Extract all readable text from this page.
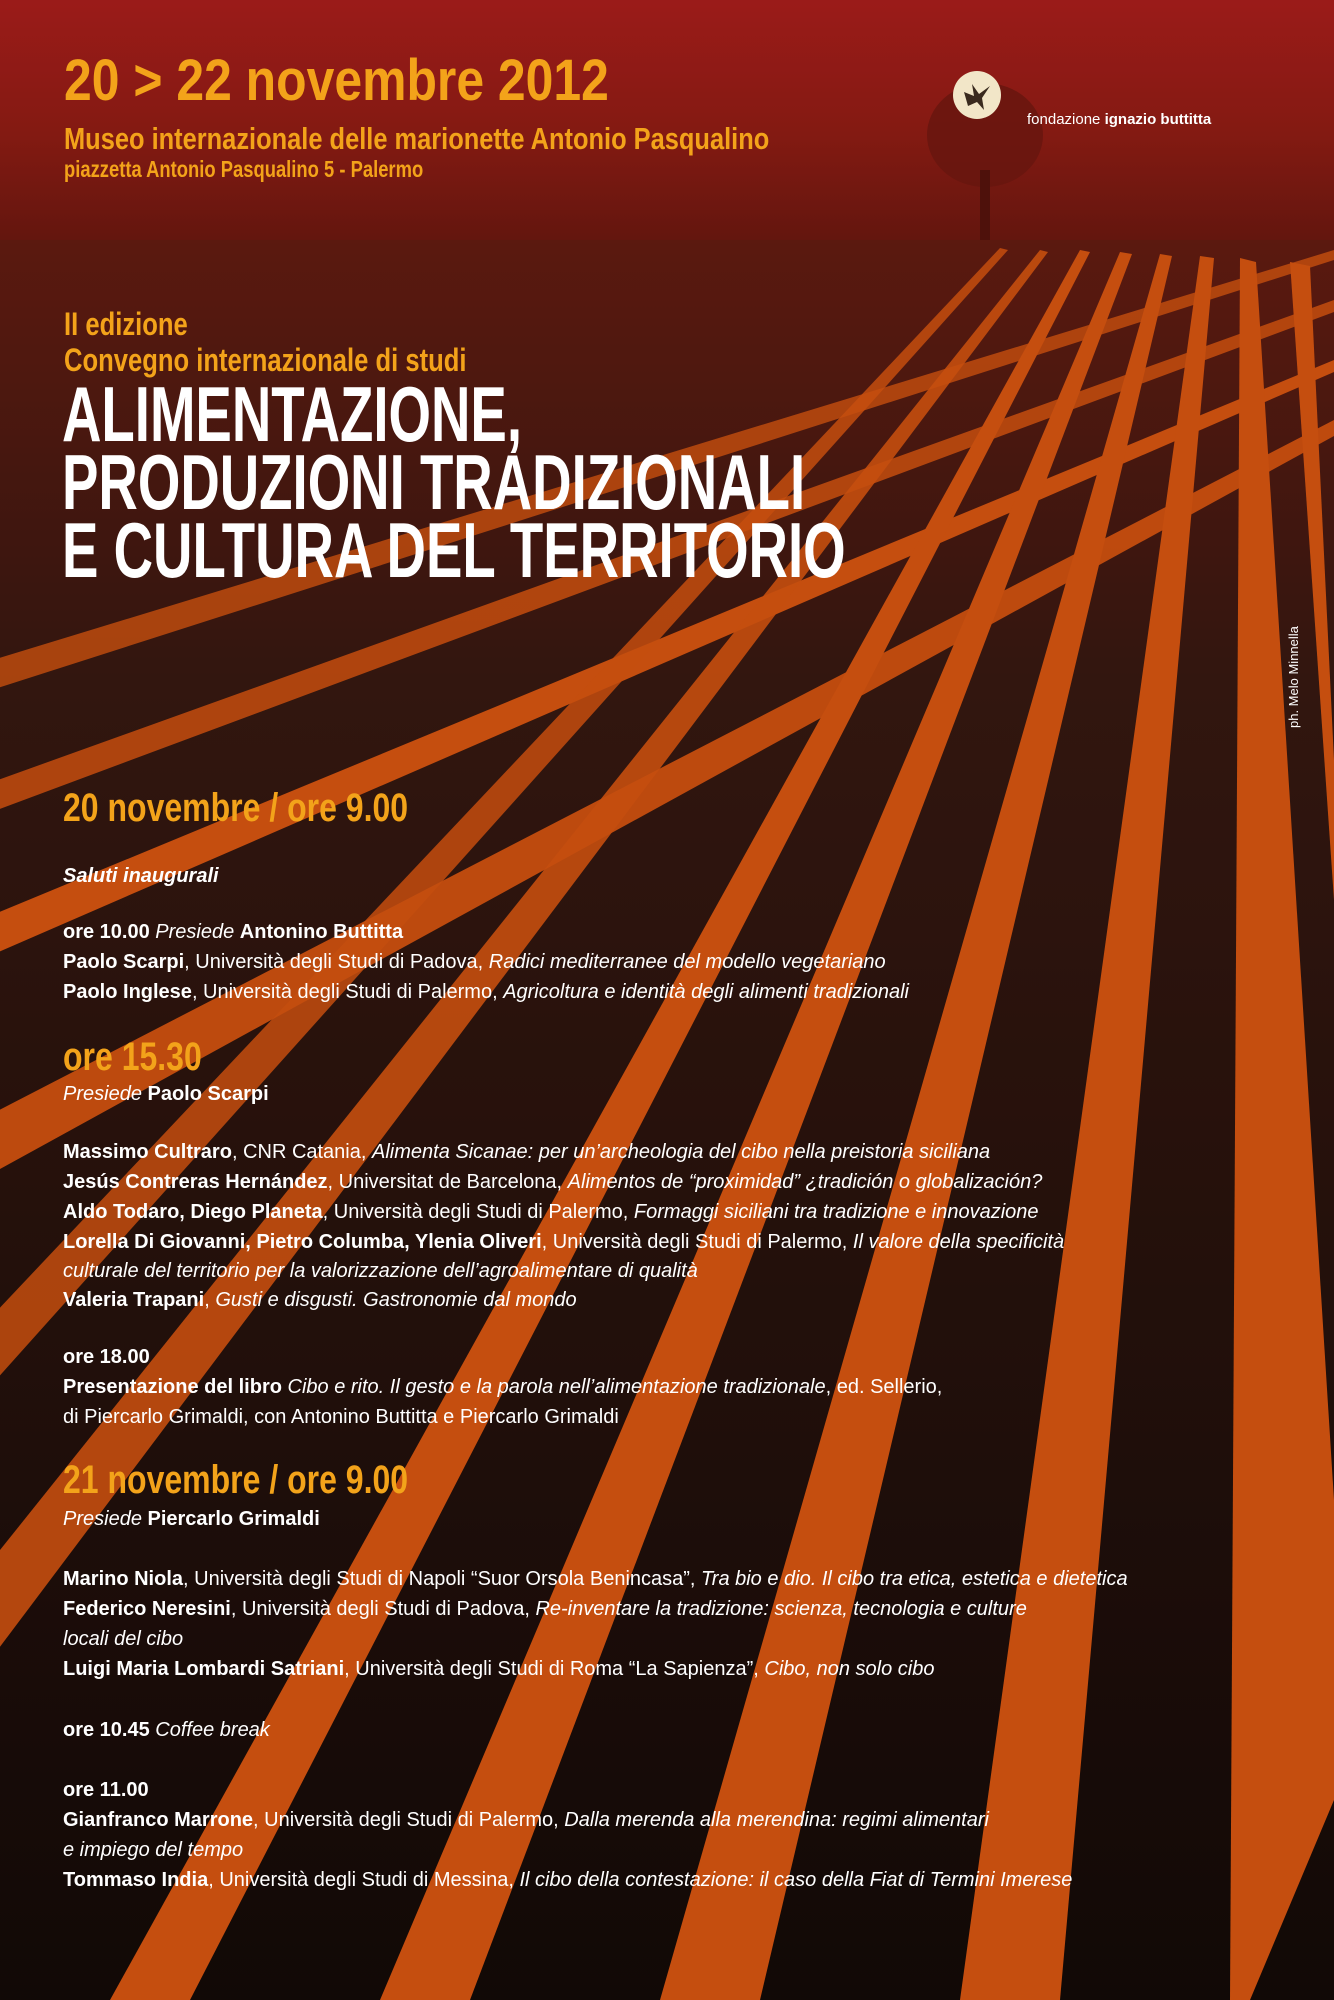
20 > 22 novembre 2012
Museo internazionale delle marionette Antonio Pasqualino
piazzetta Antonio Pasqualino 5 - Palermo
fondazione ignazio buttitta
II edizione
Convegno internazionale di studi
ALIMENTAZIONE,
PRODUZIONI TRADIZIONALI
E CULTURA DEL TERRITORIO
ph. Melo Minnella
20 novembre / ore 9.00
Saluti inaugurali
ore 10.00 Presiede Antonino Buttitta
Paolo Scarpi, Università degli Studi di Padova, Radici mediterranee del modello vegetariano
Paolo Inglese, Università degli Studi di Palermo, Agricoltura e identità degli alimenti tradizionali
ore 15.30
Presiede Paolo Scarpi
Massimo Cultraro, CNR Catania, Alimenta Sicanae: per un’archeologia del cibo nella preistoria siciliana
Jesús Contreras Hernández, Universitat de Barcelona, Alimentos de “proximidad” ¿tradición o globalización?
Aldo Todaro, Diego Planeta, Università degli Studi di Palermo, Formaggi siciliani tra tradizione e innovazione
Lorella Di Giovanni, Pietro Columba, Ylenia Oliveri, Università degli Studi di Palermo, Il valore della specificità
culturale del territorio per la valorizzazione dell’agroalimentare di qualità
Valeria Trapani, Gusti e disgusti. Gastronomie dal mondo
ore 18.00
Presentazione del libro Cibo e rito. Il gesto e la parola nell’alimentazione tradizionale, ed. Sellerio,
di Piercarlo Grimaldi, con Antonino Buttitta e Piercarlo Grimaldi
21 novembre / ore 9.00
Presiede Piercarlo Grimaldi
Marino Niola, Università degli Studi di Napoli “Suor Orsola Benincasa”, Tra bio e dio. Il cibo tra etica, estetica e dietetica
Federico Neresini, Università degli Studi di Padova, Re-inventare la tradizione: scienza, tecnologia e culture
locali del cibo
Luigi Maria Lombardi Satriani, Università degli Studi di Roma “La Sapienza”, Cibo, non solo cibo
ore 10.45 Coffee break
ore 11.00
Gianfranco Marrone, Università degli Studi di Palermo, Dalla merenda alla merendina: regimi alimentari
e impiego del tempo
Tommaso India, Università degli Studi di Messina, Il cibo della contestazione: il caso della Fiat di Termini Imerese
